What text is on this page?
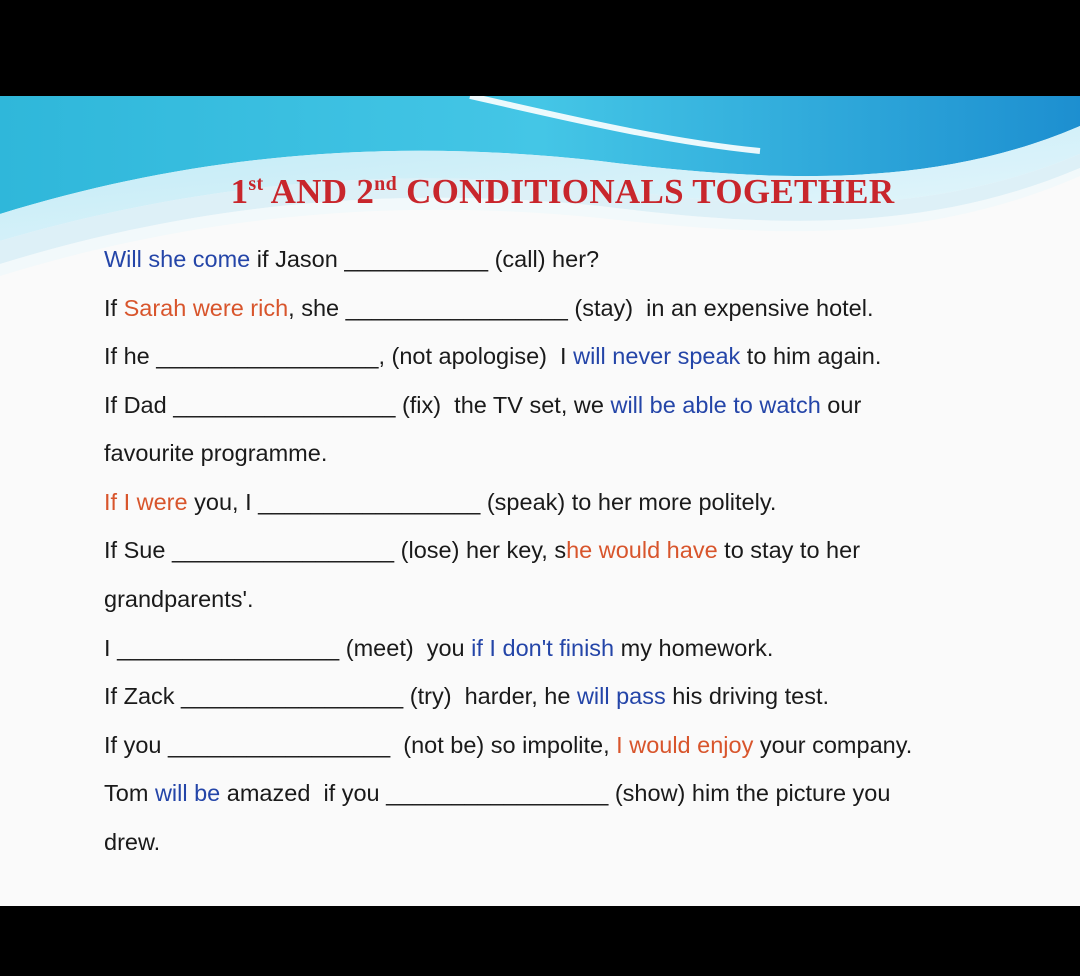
1st AND 2nd CONDITIONALS TOGETHER
Will she come if Jason ___________ (call) her?
If Sarah were rich, she _________________ (stay)  in an expensive hotel.
If he _________________, (not apologise)  I will never speak to him again.
If Dad _________________ (fix)  the TV set, we will be able to watch our
favourite programme.
If I were you, I _________________ (speak) to her more politely.
If Sue _________________ (lose) her key, she would have to stay to her
grandparents'.
I _________________ (meet)  you if I don't finish my homework.
If Zack _________________ (try)  harder, he will pass his driving test.
If you _________________  (not be) so impolite, I would enjoy your company.
Tom will be amazed  if you _________________ (show) him the picture you
drew.
